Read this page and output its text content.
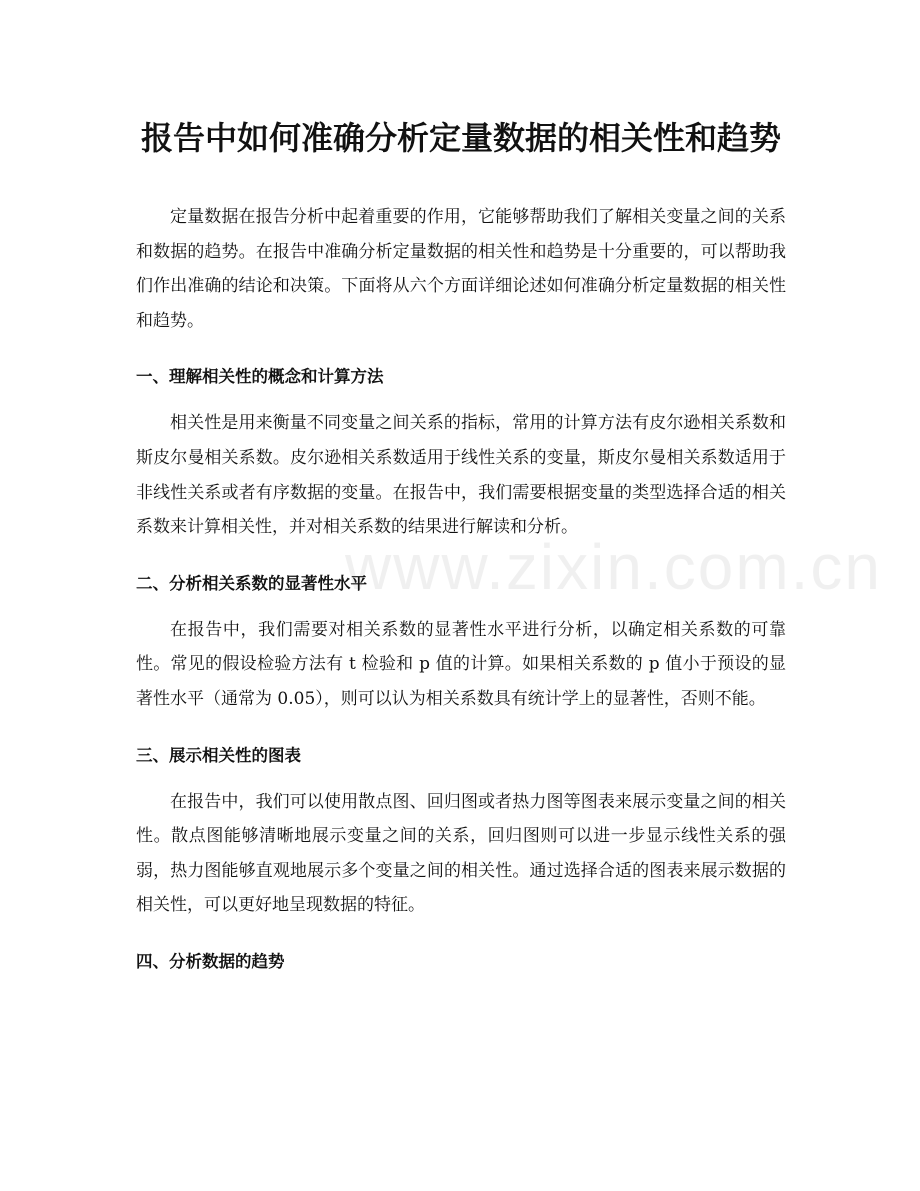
www.zixin.com.cn
报告中如何准确分析定量数据的相关性和趋势

定量数据在报告分析中起着重要的作用，它能够帮助我们了解相关变量之间的关系和数据的趋势。在报告中准确分析定量数据的相关性和趋势是十分重要的，可以帮助我们作出准确的结论和决策。下面将从六个方面详细论述如何准确分析定量数据的相关性和趋势。

一、理解相关性的概念和计算方法

相关性是用来衡量不同变量之间关系的指标，常用的计算方法有皮尔逊相关系数和斯皮尔曼相关系数。皮尔逊相关系数适用于线性关系的变量，斯皮尔曼相关系数适用于非线性关系或者有序数据的变量。在报告中，我们需要根据变量的类型选择合适的相关系数来计算相关性，并对相关系数的结果进行解读和分析。

二、分析相关系数的显著性水平

在报告中，我们需要对相关系数的显著性水平进行分析，以确定相关系数的可靠性。常见的假设检验方法有 t 检验和 p 值的计算。如果相关系数的 p 值小于预设的显著性水平（通常为 0.05），则可以认为相关系数具有统计学上的显著性，否则不能。

三、展示相关性的图表

在报告中，我们可以使用散点图、回归图或者热力图等图表来展示变量之间的相关性。散点图能够清晰地展示变量之间的关系，回归图则可以进一步显示线性关系的强弱，热力图能够直观地展示多个变量之间的相关性。通过选择合适的图表来展示数据的相关性，可以更好地呈现数据的特征。

四、分析数据的趋势
